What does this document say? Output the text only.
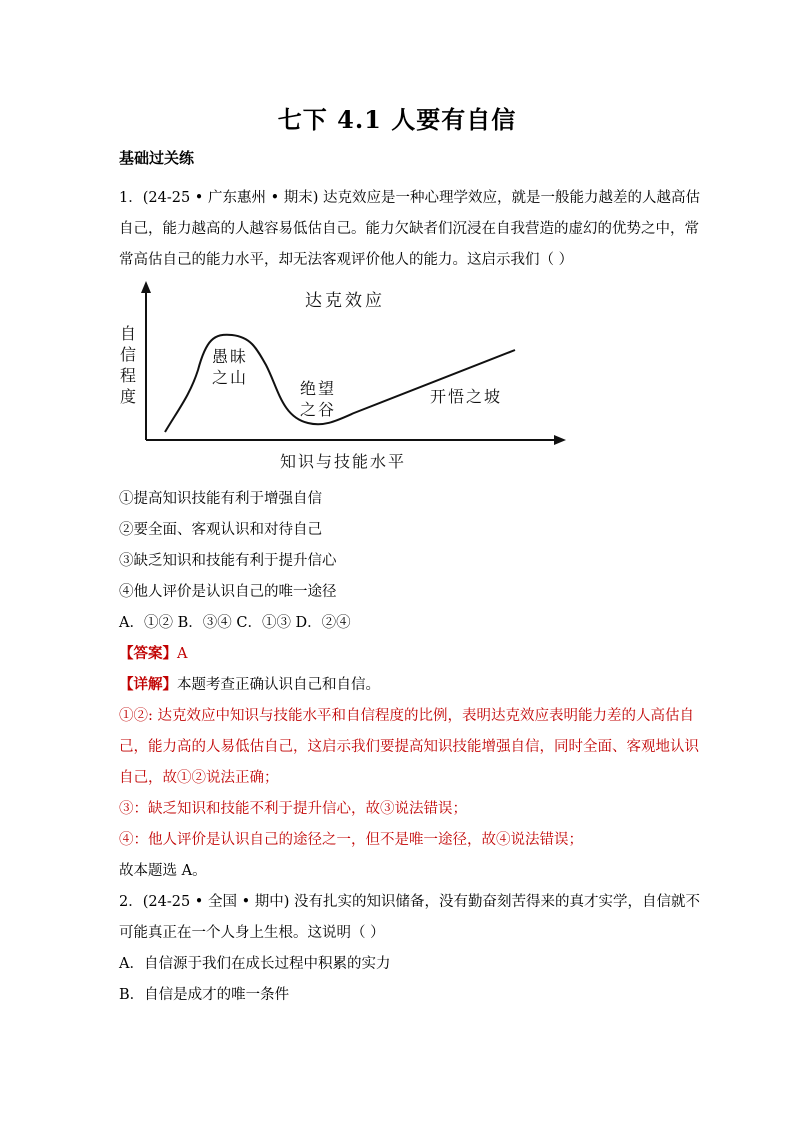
七下 4.1 人要有自信
基础过关练
1．(24-25 • 广东惠州 • 期末) 达克效应是一种心理学效应，就是一般能力越差的人越高估
自己，能力越高的人越容易低估自己。能力欠缺者们沉浸在自我营造的虚幻的优势之中，常
常高估自己的能力水平，却无法客观评价他人的能力。这启示我们（ ）
达克效应
自
信
程
度
愚昧
之山
绝望
之谷
开悟之坡
知识与技能水平
①提高知识技能有利于增强自信
②要全面、客观认识和对待自己
③缺乏知识和技能有利于提升信心
④他人评价是认识自己的唯一途径
A．①② B．③④ C．①③ D．②④
【答案】A
【详解】本题考查正确认识自己和自信。
①②: 达克效应中知识与技能水平和自信程度的比例，表明达克效应表明能力差的人高估自
己，能力高的人易低估自己，这启示我们要提高知识技能增强自信，同时全面、客观地认识
自己，故①②说法正确；
③：缺乏知识和技能不利于提升信心，故③说法错误；
④：他人评价是认识自己的途径之一，但不是唯一途径，故④说法错误；
故本题选 A。
2．(24-25 • 全国 • 期中) 没有扎实的知识储备，没有勤奋刻苦得来的真才实学，自信就不
可能真正在一个人身上生根。这说明（ ）
A．自信源于我们在成长过程中积累的实力
B．自信是成才的唯一条件
